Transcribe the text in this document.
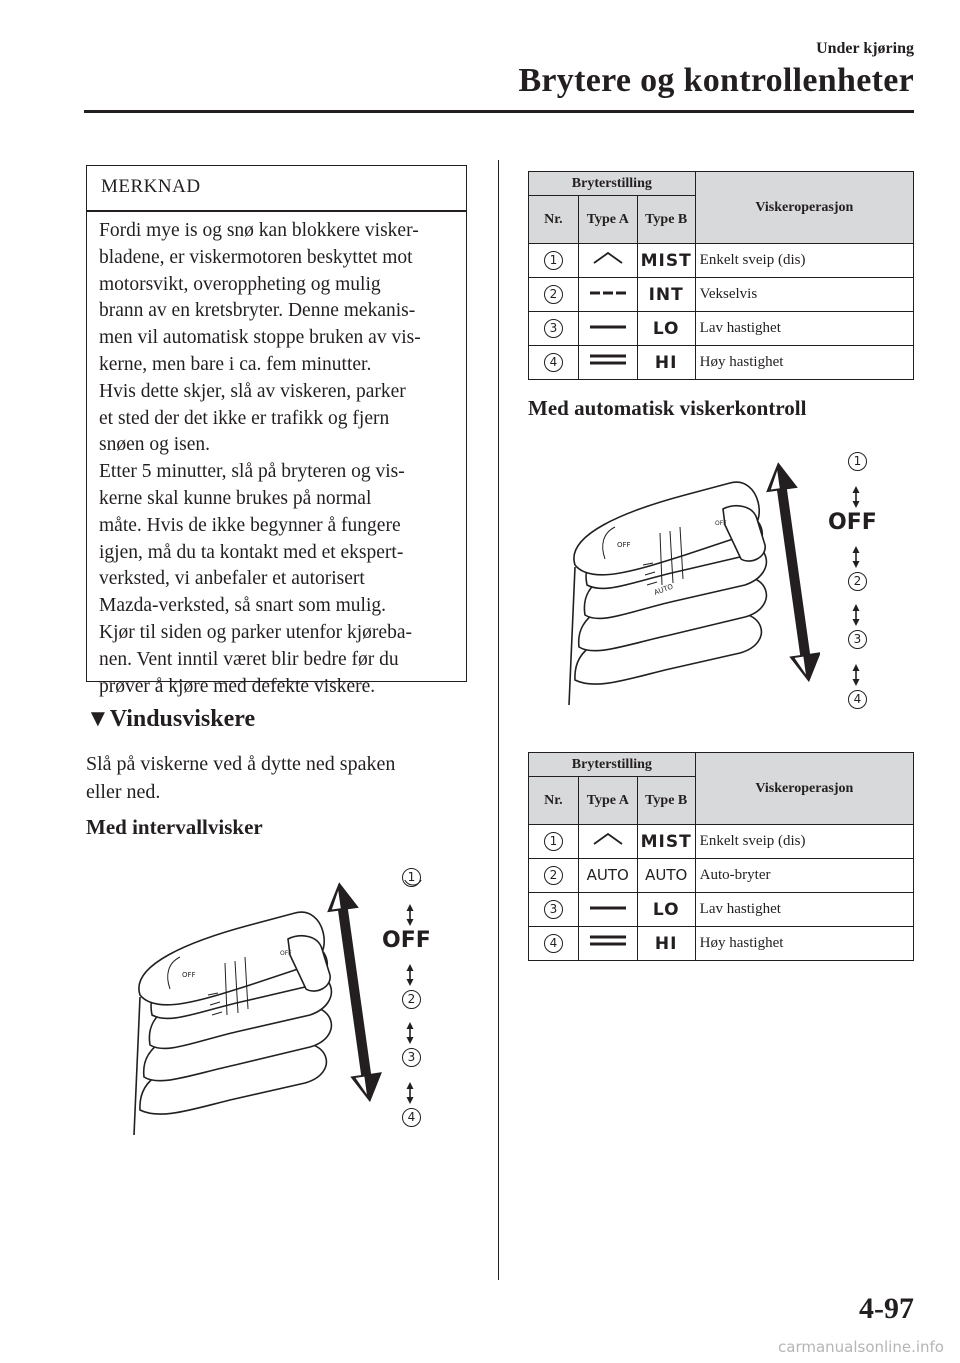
Under kjøring
Brytere og kontrollenheter
MERKNAD
Fordi mye is og snø kan blokkere visker-
bladene, er viskermotoren beskyttet mot
motorsvikt, overoppheting og mulig
brann av en kretsbryter. Denne mekanis-
men vil automatisk stoppe bruken av vis-
kerne, men bare i ca. fem minutter.
Hvis dette skjer, slå av viskeren, parker
et sted der det ikke er trafikk og fjern
snøen og isen.
Etter 5 minutter, slå på bryteren og vis-
kerne skal kunne brukes på normal
måte. Hvis de ikke begynner å fungere
igjen, må du ta kontakt med et ekspert-
verksted, vi anbefaler et autorisert
Mazda-verksted, så snart som mulig.
Kjør til siden og parker utenfor kjøreba-
nen. Vent inntil været blir bedre før du
prøver å kjøre med defekte viskere.
▼Vindusviskere
Slå på viskerne ved å dytte ned spaken
eller ned.
Med intervallvisker
Med automatisk viskerkontroll
1
OFF
2
3
4
AUTO
1
OFF
2
3
4
Bryterstilling			Viskeroperasjon
Nr.	Type A	Type B	
1		MIST	Enkelt sveip (dis)
2		INT	Vekselvis
3		LO	Lav hastighet
4		HI	Høy hastighet
Bryterstilling			Viskeroperasjon
Nr.	Type A	Type B	
1		MIST	Enkelt sveip (dis)
2	AUTO	AUTO	Auto-bryter
3		LO	Lav hastighet
4		HI	Høy hastighet
4-97
carmanualsonline.info
